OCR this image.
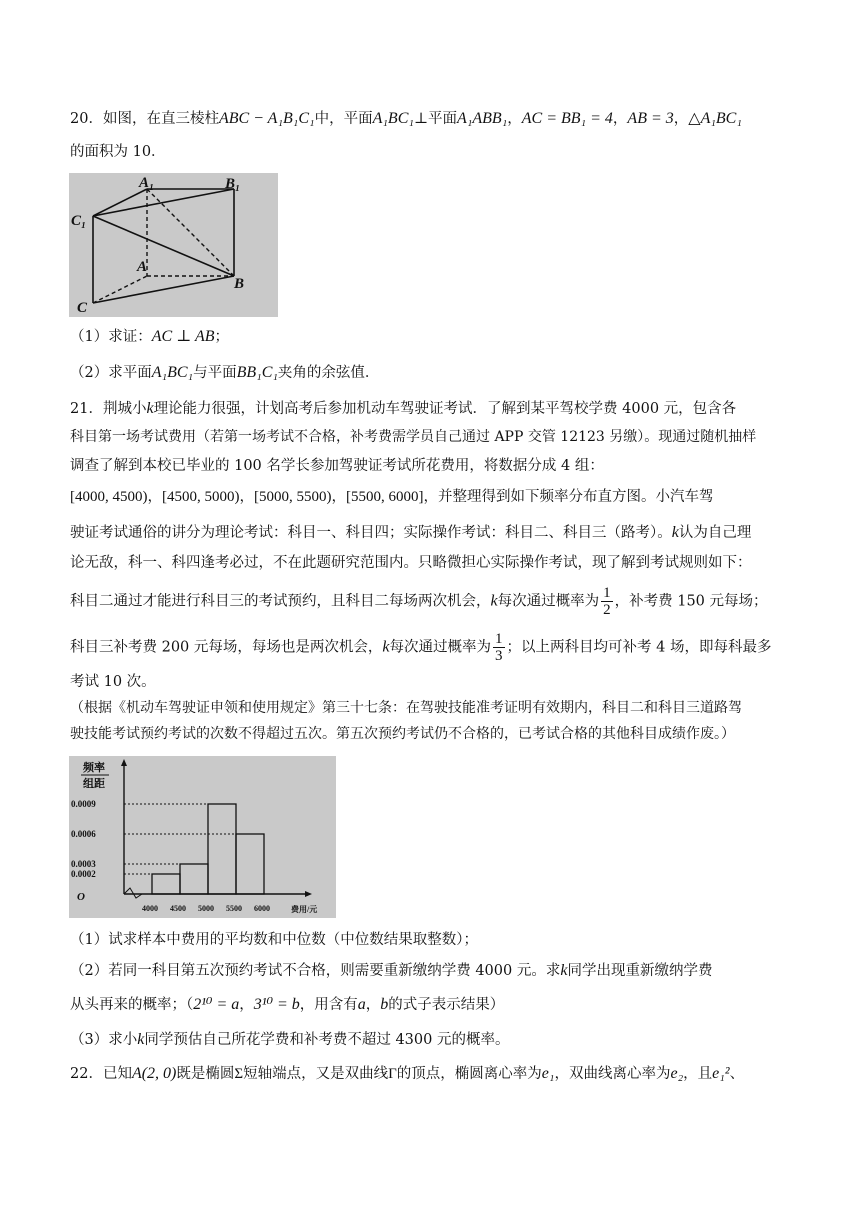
20．如图，在直三棱柱ABC − A₁B₁C₁中，平面A₁BC₁⊥平面A₁ABB₁，AC = BB₁ = 4，AB = 3，△A₁BC₁
的面积为 10．
A₁	B₁
C₁
A
B
C
（1）求证：AC ⊥ AB；
（2）求平面A₁BC₁与平面BB₁C₁夹角的余弦值．
21．荆城小k理论能力很强，计划高考后参加机动车驾驶证考试．了解到某平驾校学费 4000 元，包含各
科目第一场考试费用（若第一场考试不合格，补考费需学员自己通过 APP 交管 12123 另缴）。现通过随机抽样
调查了解到本校已毕业的 100 名学长参加驾驶证考试所花费用，将数据分成 4 组：
[4000, 4500)，[4500, 5000)，[5000, 5500)，[5500, 6000]，并整理得到如下频率分布直方图。小汽车驾
驶证考试通俗的讲分为理论考试：科目一、科目四；实际操作考试：科目二、科目三（路考）。k认为自己理
论无敌，科一、科四逢考必过，不在此题研究范围内。只略微担心实际操作考试，现了解到考试规则如下：
科目二通过才能进行科目三的考试预约，且科目二每场两次机会，k每次通过概率为 $\frac{1}{2}$ ，补考费 150 元每场；
科目三补考费 200 元每场，每场也是两次机会，k每次通过概率为 $\frac{1}{3}$ ；以上两科目均可补考 4 场，即每科最多
考试 10 次。
（根据《机动车驾驶证申领和使用规定》第三十七条：在驾驶技能准考证明有效期内，科目二和科目三道路驾
驶技能考试预约考试的次数不得超过五次。第五次预约考试仍不合格的，已考试合格的其他科目成绩作废。）
频率
组距
O
费用/元
0.0002
0.0003
0.0006
0.0009
4000 4500 5000 5500 6000
（1）试求样本中费用的平均数和中位数（中位数结果取整数）；
（2）若同一科目第五次预约考试不合格，则需要重新缴纳学费 4000 元。求k同学出现重新缴纳学费
从头再来的概率；（2¹⁰ = a，3¹⁰ = b，用含有a，b的式子表示结果）
（3）求小k同学预估自己所花学费和补考费不超过 4300 元的概率。
22．已知A(2, 0)既是椭圆Σ短轴端点，又是双曲线Γ的顶点，椭圆离心率为e₁，双曲线离心率为e₂，且e₁²、
